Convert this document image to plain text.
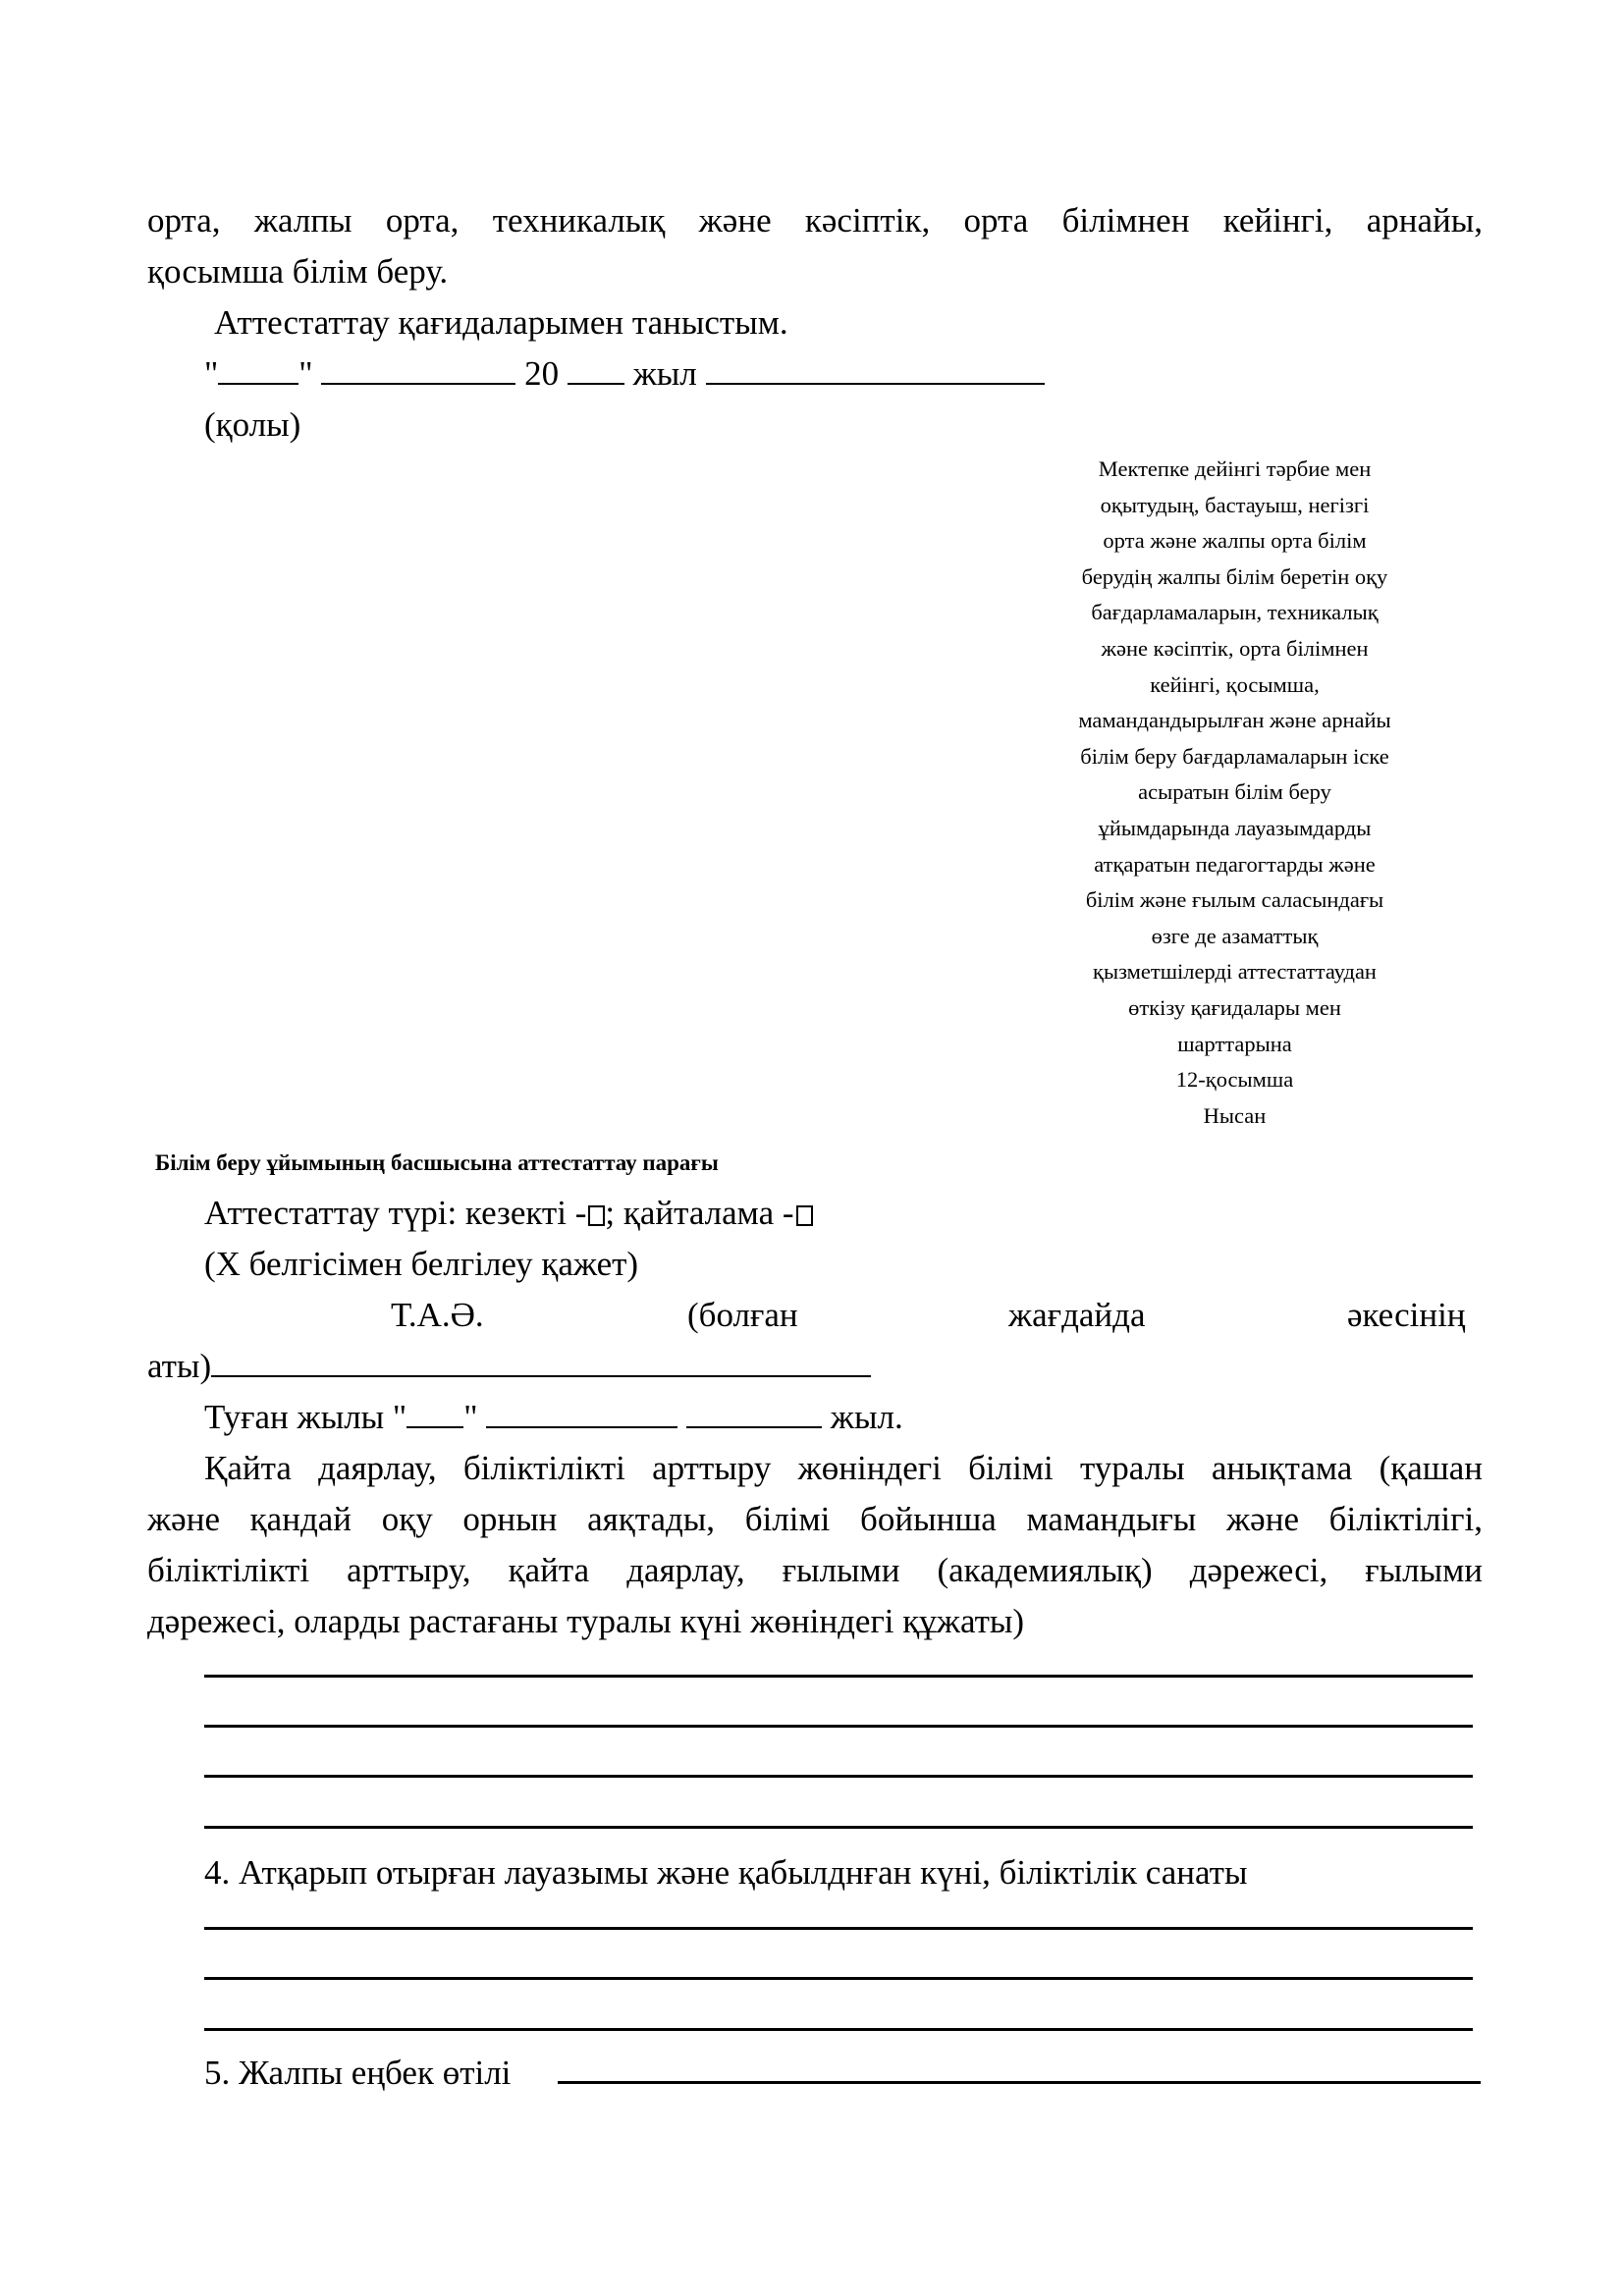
орта, жалпы орта, техникалық және кәсіптік, орта білімнен кейінгі, арнайы,
қосымша білім беру.
Аттестаттау қағидаларымен таныстым.
" "	20 жыл
(қолы)
Мектепке дейінгі тәрбие мен
оқытудың, бастауыш, негізгі
орта және жалпы орта білім
берудің жалпы білім беретін оқу
бағдарламаларын, техникалық
және кәсіптік, орта білімнен
кейінгі, қосымша,
мамандандырылған және арнайы
білім беру бағдарламаларын іске
асыратын білім беру
ұйымдарында лауазымдарды
атқаратын педагогтарды және
білім және ғылым саласындағы
өзге де азаматтық
қызметшілерді аттестаттаудан
өткізу қағидалары мен
шарттарына
12-қосымша
Нысан
Білім беру ұйымының басшысына аттестаттау парағы
Аттестаттау түрі: кезекті - ; қайталама -
(Х белгісімен белгілеу қажет)
Т.А.Ә.	(болған	жағдайда	әкесінің
аты)
Туған жылы " "	жыл.
Қайта даярлау, біліктілікті арттыру жөніндегі білімі туралы анықтама (қашан
және қандай оқу орнын аяқтады, білімі бойынша мамандығы және біліктілігі,
біліктілікті арттыру, қайта даярлау, ғылыми (академиялық) дәрежесі, ғылыми
дәрежесі, оларды растағаны туралы күні жөніндегі құжаты)
4. Атқарып отырған лауазымы және қабылднған күні, біліктілік санаты
5. Жалпы еңбек өтілі
